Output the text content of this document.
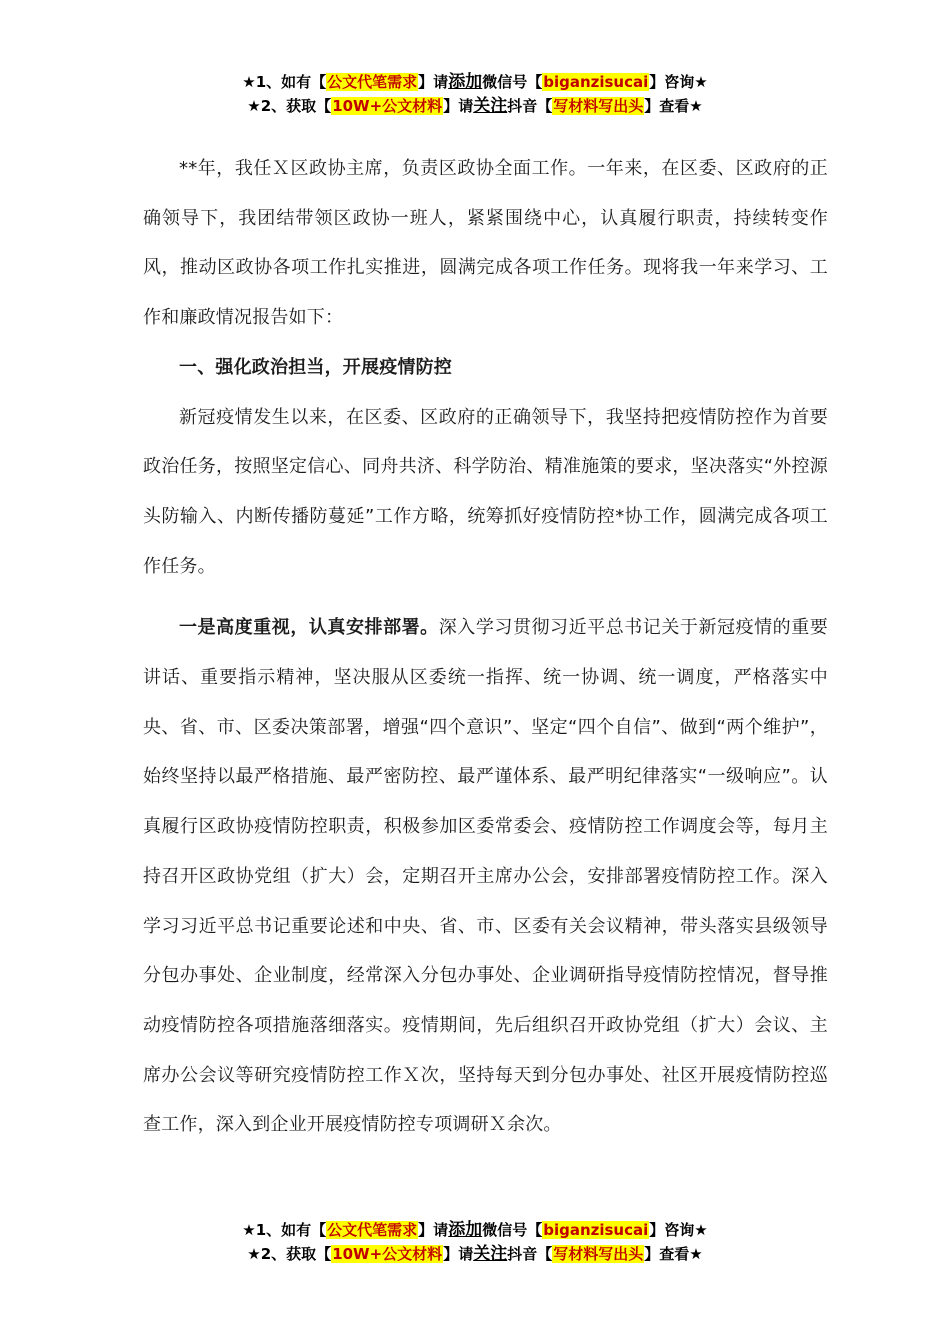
★1、如有【公文代笔需求】请添加微信号【biganzisucai】咨询★
★2、获取【10W+公文材料】请关注抖音【写材料写出头】查看★

**年，我任Ｘ区政协主席，负责区政协全面工作。一年来，在区委、区政府的正确领导下，我团结带领区政协一班人，紧紧围绕中心，认真履行职责，持续转变作风，推动区政协各项工作扎实推进，圆满完成各项工作任务。现将我一年来学习、工作和廉政情况报告如下：

一、强化政治担当，开展疫情防控

新冠疫情发生以来，在区委、区政府的正确领导下，我坚持把疫情防控作为首要政治任务，按照坚定信心、同舟共济、科学防治、精准施策的要求，坚决落实“外控源头防输入、内断传播防蔓延”工作方略，统筹抓好疫情防控*协工作，圆满完成各项工作任务。

一是高度重视，认真安排部署。深入学习贯彻习近平总书记关于新冠疫情的重要讲话、重要指示精神，坚决服从区委统一指挥、统一协调、统一调度，严格落实中央、省、市、区委决策部署，增强“四个意识”、坚定“四个自信”、做到“两个维护”，始终坚持以最严格措施、最严密防控、最严谨体系、最严明纪律落实“一级响应”。认真履行区政协疫情防控职责，积极参加区委常委会、疫情防控工作调度会等，每月主持召开区政协党组（扩大）会，定期召开主席办公会，安排部署疫情防控工作。深入学习习近平总书记重要论述和中央、省、市、区委有关会议精神，带头落实县级领导分包办事处、企业制度，经常深入分包办事处、企业调研指导疫情防控情况，督导推动疫情防控各项措施落细落实。疫情期间，先后组织召开政协党组（扩大）会议、主席办公会议等研究疫情防控工作Ｘ次，坚持每天到分包办事处、社区开展疫情防控巡查工作，深入到企业开展疫情防控专项调研Ｘ余次。

★1、如有【公文代笔需求】请添加微信号【biganzisucai】咨询★
★2、获取【10W+公文材料】请关注抖音【写材料写出头】查看★
